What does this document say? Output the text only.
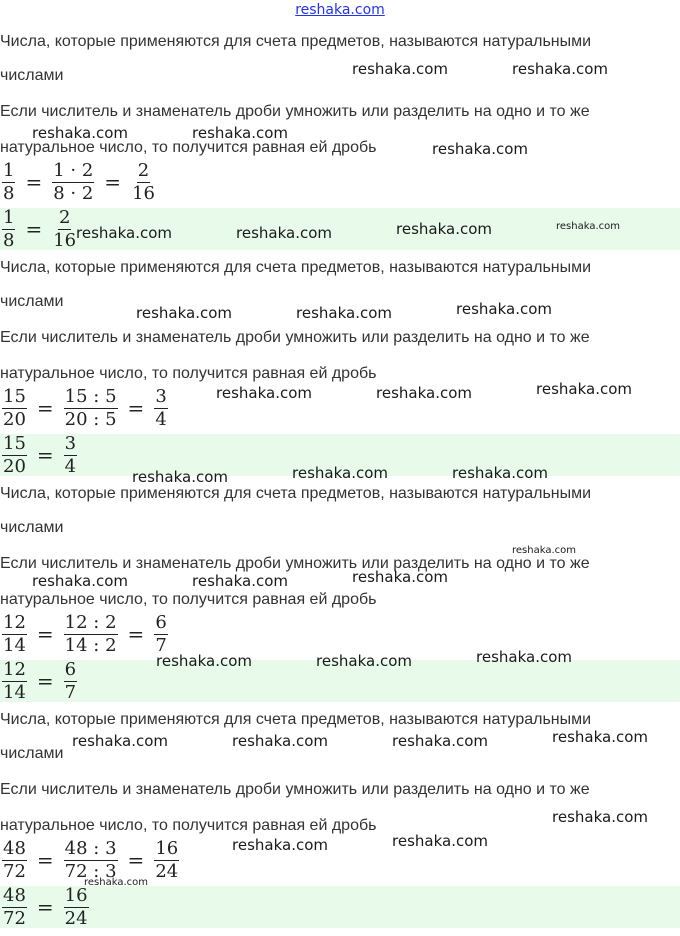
reshaka.com
Числа, которые применяются для счета предметов, называются натуральными
числами
Если числитель и знаменатель дроби умножить или разделить на одно и то же
натуральное число, то получится равная ей дробь
$\frac{1}{8} = \frac{1 \cdot 2}{8 \cdot 2} = \frac{2}{16}$
$\frac{1}{8} = \frac{2}{16}$
Числа, которые применяются для счета предметов, называются натуральными
числами
Если числитель и знаменатель дроби умножить или разделить на одно и то же
натуральное число, то получится равная ей дробь
$\frac{15}{20} = \frac{15 : 5}{20 : 5} = \frac{3}{4}$
$\frac{15}{20} = \frac{3}{4}$
Числа, которые применяются для счета предметов, называются натуральными
числами
Если числитель и знаменатель дроби умножить или разделить на одно и то же
натуральное число, то получится равная ей дробь
$\frac{12}{14} = \frac{12 : 2}{14 : 2} = \frac{6}{7}$
$\frac{12}{14} = \frac{6}{7}$
Числа, которые применяются для счета предметов, называются натуральными
числами
Если числитель и знаменатель дроби умножить или разделить на одно и то же
натуральное число, то получится равная ей дробь
$\frac{48}{72} = \frac{48 : 3}{72 : 3} = \frac{16}{24}$
$\frac{48}{72} = \frac{16}{24}$
reshaka.com	reshaka.com
reshaka.com	reshaka.com
reshaka.com
reshaka.com	reshaka.com	reshaka.com	reshaka.com
reshaka.com	reshaka.com	reshaka.com
reshaka.com	reshaka.com	reshaka.com
reshaka.com	reshaka.com	reshaka.com
reshaka.com
reshaka.com	reshaka.com	reshaka.com
reshaka.com	reshaka.com	reshaka.com
reshaka.com	reshaka.com	reshaka.com	reshaka.com
reshaka.com
reshaka.com	reshaka.com
reshaka.com
